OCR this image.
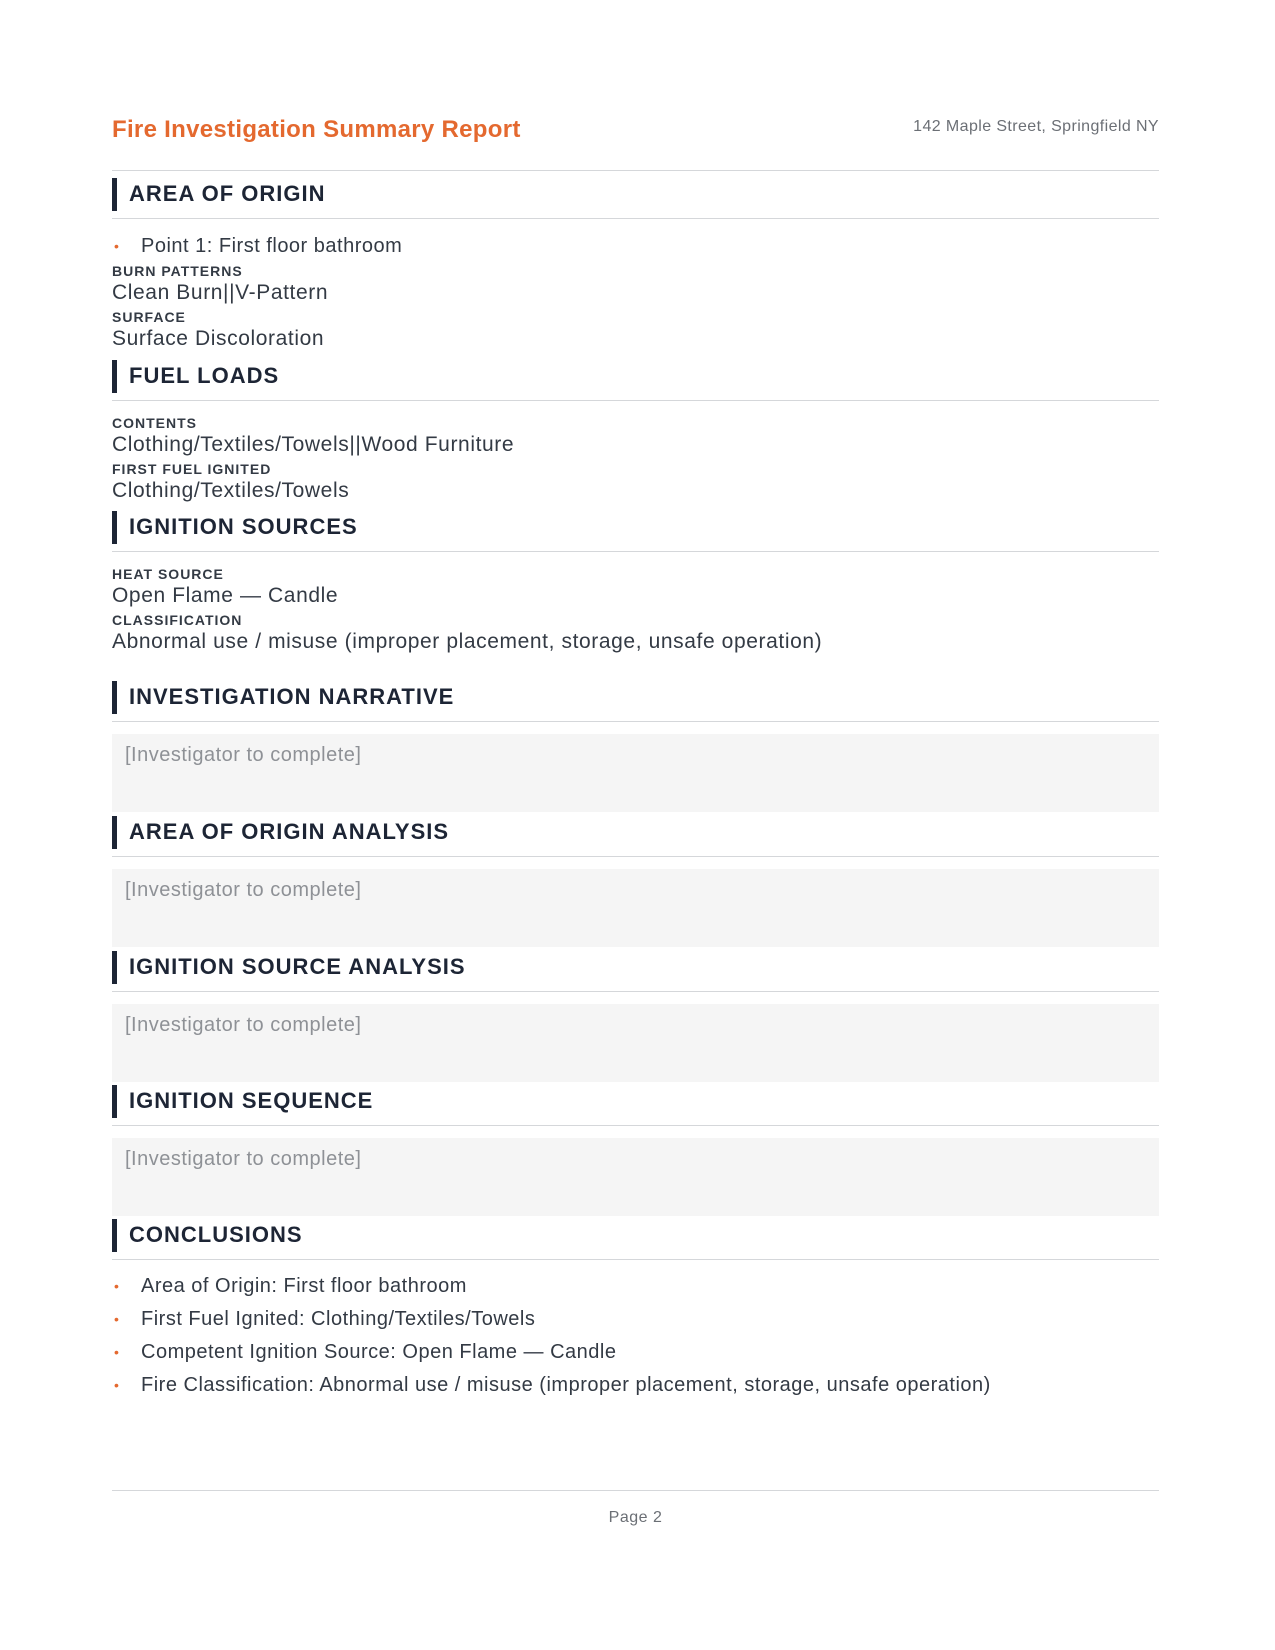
Fire Investigation Summary Report	142 Maple Street, Springfield NY
AREA OF ORIGIN
• Point 1: First floor bathroom
BURN PATTERNS
Clean Burn||V-Pattern
SURFACE
Surface Discoloration
FUEL LOADS
CONTENTS
Clothing/Textiles/Towels||Wood Furniture
FIRST FUEL IGNITED
Clothing/Textiles/Towels
IGNITION SOURCES
HEAT SOURCE
Open Flame — Candle
CLASSIFICATION
Abnormal use / misuse (improper placement, storage, unsafe operation)
INVESTIGATION NARRATIVE
[Investigator to complete]
AREA OF ORIGIN ANALYSIS
[Investigator to complete]
IGNITION SOURCE ANALYSIS
[Investigator to complete]
IGNITION SEQUENCE
[Investigator to complete]
CONCLUSIONS
• Area of Origin: First floor bathroom
• First Fuel Ignited: Clothing/Textiles/Towels
• Competent Ignition Source: Open Flame — Candle
• Fire Classification: Abnormal use / misuse (improper placement, storage, unsafe operation)
Page 2
